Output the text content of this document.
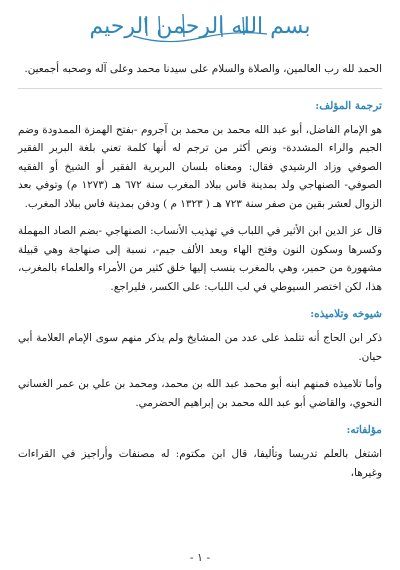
بسم الله الرحمن الرحيم

الحمد لله رب العالمين، والصلاة والسلام على سيدنا محمد وعلى آله وصحبه أجمعين.

ترجمة المؤلف:

هو الإمام الفاضل، أبو عبد الله محمد بن محمد بن آجروم -بفتح الهمزة الممدودة وضم الجيم والراء المشددة- ونص أكثر من ترجم له أنها كلمة تعني بلغة البربر الفقير الصوفي وزاد الرشيدي فقال: ومعناه بلسان البربرية الفقير أو الشيخ أو الفقيه الصوفي- الصنهاجي ولد بمدينة فاس ببلاد المغرب سنة ٦٧٢ هـ (١٢٧٣ م) وتوفي بعد الزوال لعشر بقين من صفر سنة ٧٢٣ هـ ( ١٣٢٣ م ) ودفن بمدينة فاس ببلاد المغرب.

قال عز الدين ابن الأثير في اللباب في تهذيب الأنساب: الصنهاجي -بضم الصاد المهملة وكسرها وسكون النون وفتح الهاء وبعد الألف جيم-، نسبة إلى صنهاجة وهي قبيلة مشهورة من حمير، وهي بالمغرب ينسب إليها خلق كثير من الأمراء والعلماء بالمغرب، هذا، لكن اختصر السيوطي في لب اللباب: على الكسر، فليراجع.

شيوخه وتلاميذه:

ذكر ابن الحاج أنه تتلمذ على عدد من المشايخ ولم يذكر منهم سوى الإمام العلامة أبي حيان.

وأما تلاميذه فمنهم ابنه أبو محمد عبد الله بن محمد، ومحمد بن علي بن عمر الغساني النحوي، والقاضي أبو عبد الله محمد بن إبراهيم الحضرمي.

مؤلفاته:

اشتغل بالعلم تدريسا وتأليفا، قال ابن مكتوم: له مصنفات وأراجيز في القراءات وغيرها،

- ١ -
